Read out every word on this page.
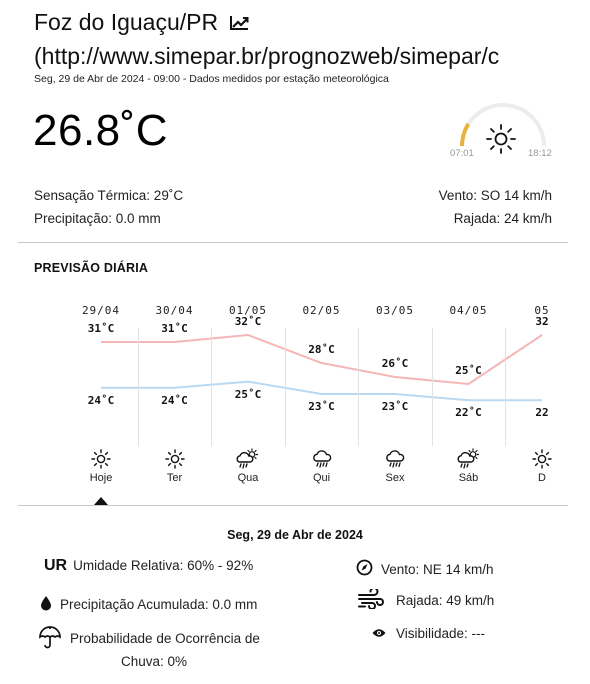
Foz do Iguaçu/PR
(http://www.simepar.br/prognozweb/simepar/c
Seg, 29 de Abr de 2024 - 09:00 - Dados medidos por estação meteorológica
26.8˚C	07:01	18:12
Sensação Térmica: 29˚C
Precipitação: 0.0 mm
Vento: SO 14 km/h
Rajada: 24 km/h
PREVISÃO DIÁRIA
29/04
31˚C
24˚C
Hoje
30/04
31˚C
24˚C
Ter
01/05
32˚C
25˚C
Qua
02/05
28˚C
23˚C
Qui
03/05
26˚C
23˚C
Sex
04/05
25˚C
22˚C
Sáb
05
32
22
D
Seg, 29 de Abr de 2024
UR Umidade Relativa: 60% - 92%
Precipitação Acumulada: 0.0 mm
Probabilidade de Ocorrência de
Chuva: 0%
Vento: NE 14 km/h
Rajada: 49 km/h
Visibilidade: ---
